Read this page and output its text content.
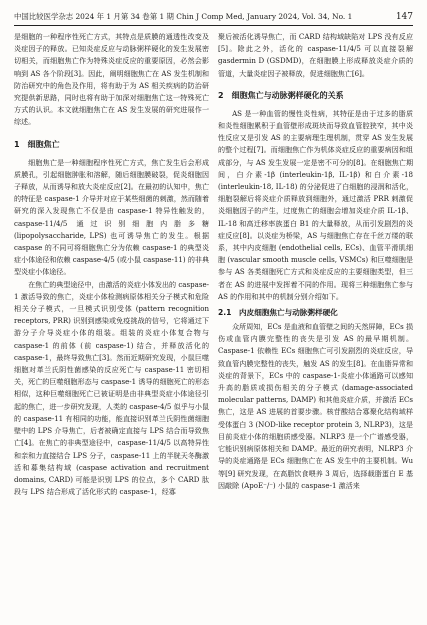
中国比较医学杂志 2024 年 1 月第 34 卷第 1 期 Chin J Comp Med, January 2024, Vol. 34, No. 1	147

是细胞的一种程序性死亡方式，其特点是质膜的通透性改变及炎症因子的释放。已知炎症反应与动脉粥样硬化的发生发展密切相关，而细胞焦亡作为特殊炎症反应的重要原因，必然会影响到 AS 各个阶段[3]。因此，阐明细胞焦亡在 AS 发生机制和防治研究中的角色及作用，将有助于为 AS 相关疾病的防治研究提供新思路，同时也将有助于加深对细胞焦亡这一特殊死亡方式的认识。本文就细胞焦亡在 AS 发生发展的研究进展作一综述。

1　细胞焦亡

细胞焦亡是一种细胞程序性死亡方式，焦亡发生后会形成质膜孔，引起细胞肿胀和溶解，随后细胞膜破裂，促炎细胞因子释放，从而诱导和放大炎症反应[2]。在最初的认知中，焦亡的特征是 caspase-1 介导并对应于某些细菌的刺激，然而随着研究的深入发现焦亡不仅是由 caspase-1 特异性触发的，caspase-11/4/5 通过识别细胞内脂多糖 (lipopolysaccharide, LPS) 也可诱导焦亡的发生。根据 caspase 的不同可将细胞焦亡分为依赖 caspase-1 的典型炎症小体途径和依赖 caspase-4/5 (或小鼠 caspase-11) 的非典型炎症小体途径。

在焦亡的典型途径中，由激活的炎症小体发出的 caspase-1 激活导致的焦亡，炎症小体检测病原体相关分子模式和危险相关分子模式，一旦模式识别受体 (pattern recognition receptors, PRR) 识别到感染或免疫挑战的信号，它将通过下游分子介导炎症小体的组装。组装的炎症小体复合物与 caspase-1 的前体 (前 caspase-1) 结合，并释放活化的 caspase-1，最终导致焦亡[3]。然而近期研究发现，小鼠巨噬细胞对革兰氏阴性菌感染的反应死亡与 caspase-11 密切相关，死亡的巨噬细胞形态与 caspase-1 诱导的细胞死亡的形态相似，这种巨噬细胞死亡已被证明是由非典型炎症小体途径引起的焦亡，进一步研究发现，人类的 caspase-4/5 似乎与小鼠的 caspase-11 有相同的功能，能直接识别革兰氏阴性菌细胞壁中的 LPS 介导焦亡，后者被确定直接与 LPS 结合而导致焦亡[4]。在焦亡的非典型途径中，caspase-11/4/5 以高特异性和亲和力直接结合 LPS 分子，caspase-11 上的半胱天冬酶激活和募集结构域 (caspase activation and recruitment domains, CARD) 可能是识别 LPS 的位点，多个 CARD 肽段与 LPS 结合形成了活化形式的 caspase-1，经寡

聚后被活化诱导焦亡，而 CARD 结构域缺陷对 LPS 没有反应[5]。除此之外，活化的 caspase-11/4/5 可以直接裂解 gasdermin D (GSDMD)，在细胞膜上形成释放炎症介质的管道，大量炎症因子被释放，促进细胞焦亡[6]。

2　细胞焦亡与动脉粥样硬化的关系

AS 是一种血管的慢性炎性病，其特征是由于过多的脂质和炎性细胞累积于血管壁形成斑块而导致血管腔狭窄，其中炎性反应又是引发 AS 的主要病理生理机制，贯穿 AS 发生发展的整个过程[7]。而细胞焦亡作为机体炎症反应的重要病因和组成部分，与 AS 发生发展一定是密不可分的[8]。在细胞焦亡期间，白介素-1β (interleukin-1β, IL-1β) 和白介素-18 (interleukin-18, IL-18) 的分泌促进了白细胞的浸润和活化，细胞裂解后将炎症介质释放到细胞外，通过激活 PRR 刺激促炎细胞因子的产生，过度焦亡的细胞会增加炎症介质 IL-1β、IL-18 和高迁移率族蛋白 B1 的大量释放，从而引发剧烈的炎症反应[8]。以炎症为桥梁，AS 与细胞焦亡存在千丝万缕的联系，其中内皮细胞 (endothelial cells, ECs)、血管平滑肌细胞 (vascular smooth muscle cells, VSMCs) 和巨噬细胞是参与 AS 各类细胞死亡方式和炎症反应的主要细胞类型，但三者在 AS 的进展中发挥着不同的作用。现将三种细胞焦亡参与 AS 的作用和其中的机制分别介绍如下。

2.1　内皮细胞焦亡与动脉粥样硬化

众所周知，ECs 是血液和血管壁之间的天然屏障，ECs 损伤或血管内膜完整性的丧失是引发 AS 的最早期机制。Caspase-1 依赖性 ECs 细胞焦亡可引发剧烈的炎症反应，导致血管内膜完整性的丧失，触发 AS 的发生[8]。在血脂异常和炎症的背景下，ECs 中的 caspase-1-炎症小体通路可以感知升高的脂质或损伤相关的分子模式 (damage-associated molecular patterns, DAMP) 和其他炎症介质，并激活 ECs 焦亡，这是 AS 进展的首要步骤。核苷酸结合寡聚化结构域样受体蛋白 3 (NOD-like receptor protein 3, NLRP3)，这是目前炎症小体的细胞质感受器。NLRP3 是一个广谱感受器，它能识别病原体相关和 DAMP。最近的研究表明，NLRP3 介导的炎症通路是 ECs 细胞焦亡在 AS 发生中的主要机制。Wu 等[9] 研究发现，在高脂饮食喂养 3 周后，选择载脂蛋白 E 基因敲除 (ApoE⁻/⁻) 小鼠的 caspase-1 激活来
